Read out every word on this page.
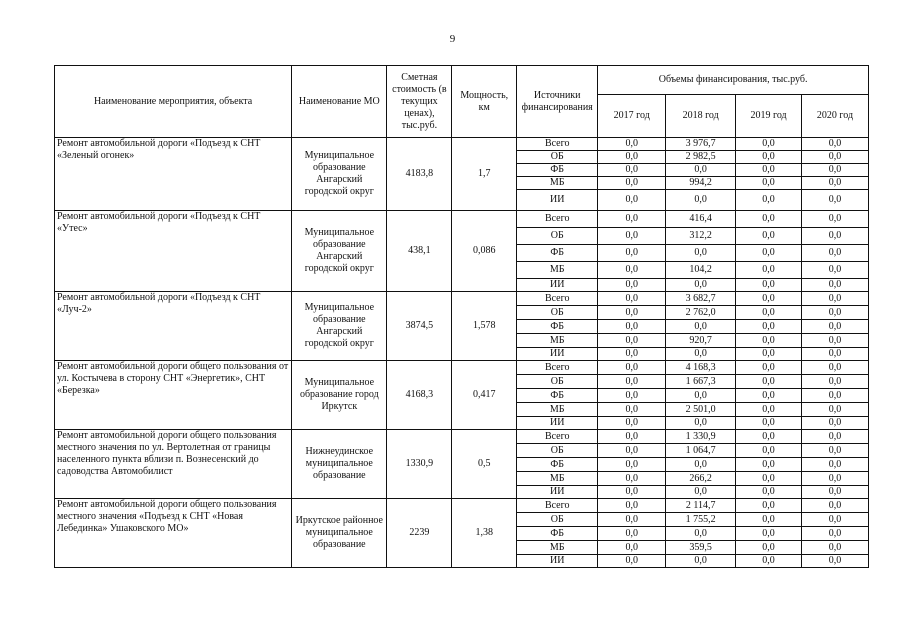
9
Наименование мероприятия, объекта	Наименование МО	Сметная стоимость (в текущих ценах), тыс.руб.	Мощность, км	Источники финансирования	Объемы финансирования, тыс.руб.			
					2017 год	2018 год	2019 год	2020 год
Ремонт автомобильной дороги «Подъезд к СНТ «Зеленый огонек»	Муниципальное образование Ангарский городской округ	4183,8	1,7	Всего	0,0	3 976,7	0,0	0,0
				ОБ	0,0	2 982,5	0,0	0,0
				ФБ	0,0	0,0	0,0	0,0
				МБ	0,0	994,2	0,0	0,0
				ИИ	0,0	0,0	0,0	0,0
Ремонт автомобильной дороги «Подъезд к СНТ «Утес»	Муниципальное образование Ангарский городской округ	438,1	0,086	Всего	0,0	416,4	0,0	0,0
				ОБ	0,0	312,2	0,0	0,0
				ФБ	0,0	0,0	0,0	0,0
				МБ	0,0	104,2	0,0	0,0
				ИИ	0,0	0,0	0,0	0,0
Ремонт автомобильной дороги «Подъезд к СНТ «Луч-2»	Муниципальное образование Ангарский городской округ	3874,5	1,578	Всего	0,0	3 682,7	0,0	0,0
				ОБ	0,0	2 762,0	0,0	0,0
				ФБ	0,0	0,0	0,0	0,0
				МБ	0,0	920,7	0,0	0,0
				ИИ	0,0	0,0	0,0	0,0
Ремонт автомобильной дороги общего пользования от ул. Костычева в сторону СНТ «Энергетик», СНТ «Березка»	Муниципальное образование город Иркутск	4168,3	0,417	Всего	0,0	4 168,3	0,0	0,0
				ОБ	0,0	1 667,3	0,0	0,0
				ФБ	0,0	0,0	0,0	0,0
				МБ	0,0	2 501,0	0,0	0,0
				ИИ	0,0	0,0	0,0	0,0
Ремонт автомобильной дороги общего пользования местного значения по ул. Вертолетная от границы населенного пункта вблизи п. Вознесенский до садоводства Автомобилист	Нижнеудинское муниципальное образование	1330,9	0,5	Всего	0,0	1 330,9	0,0	0,0
				ОБ	0,0	1 064,7	0,0	0,0
				ФБ	0,0	0,0	0,0	0,0
				МБ	0,0	266,2	0,0	0,0
				ИИ	0,0	0,0	0,0	0,0
Ремонт автомобильной дороги общего пользования местного значения «Подъезд к СНТ «Новая Лебединка» Ушаковского МО»	Иркутское районное муниципальное образование	2239	1,38	Всего	0,0	2 114,7	0,0	0,0
				ОБ	0,0	1 755,2	0,0	0,0
				ФБ	0,0	0,0	0,0	0,0
				МБ	0,0	359,5	0,0	0,0
				ИИ	0,0	0,0	0,0	0,0
